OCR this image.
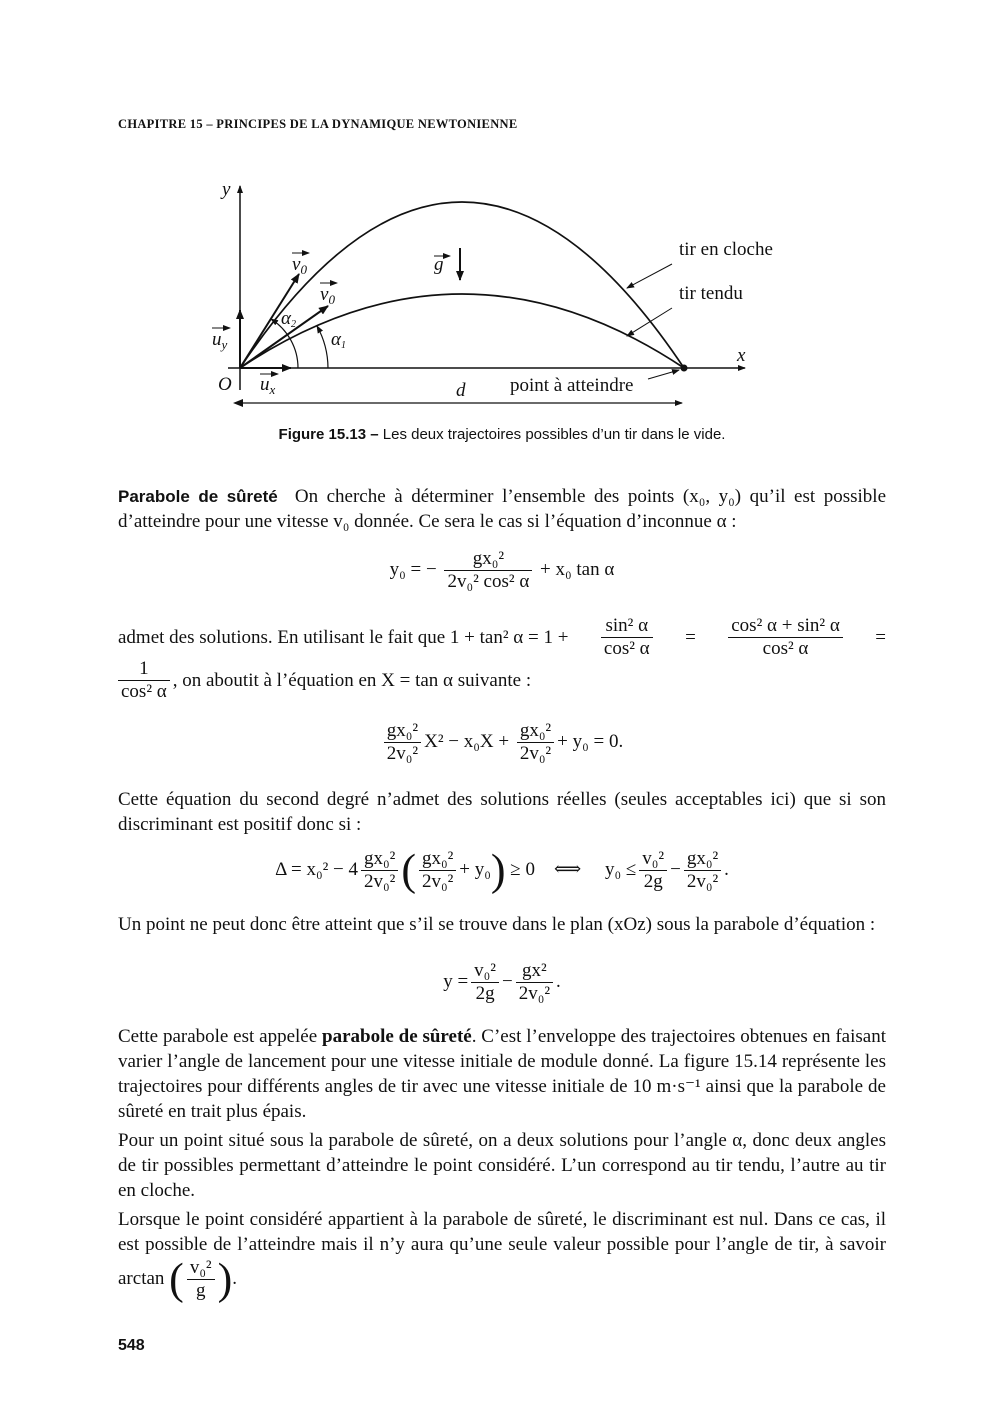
CHAPITRE 15 – PRINCIPES DE LA DYNAMIQUE NEWTONIENNE
y
x
O	d
$v_0$
$v_0$
g
$u_y$
$u_x$
α2
α1
tir en cloche
tir tendu
point à atteindre
Figure 15.13 – Les deux trajectoires possibles d’un tir dans le vide.
Parabole de sûreté On cherche à déterminer l’ensemble des points (x₀, y₀) qu’il est possible d’atteindre pour une vitesse v₀ donnée. Ce sera le cas si l’équation d’inconnue α :
y₀ = − $\frac{\text{gx₀²}}{\text{2v₀² cos² α}} + x_0$ tan α
admet des solutions. En utilisant le fait que 1 + tan² $\alpha = 1 + \frac{\text{sin² α}}{\text{cos² α}} = \frac{\text{cos² α + sin² α}}{\text{cos² α}}$ =
$\frac{1}{\text{cos² α}}$ , on aboutit à l’équation en X = tan α suivante :
$\frac{\text{gx₀²}}{\text{2v₀²}} X^2 - x_0X + \frac{\text{gx₀²}}{\text{2v₀²}} + y_0 = 0$.
Cette équation du second degré n’admet des solutions réelles (seules acceptables ici) que si son discriminant est positif donc si :
$\Delta = x_0^2 - 4 \frac{\text{gx₀²}}{\text{2v₀²}}$ ( $\frac{\text{gx₀²}}{\text{2v₀²}} + y_0) \ge 0$ ⟺ $y_0 \le \frac{\text{v₀²}}{2g} - \frac{\text{gx₀²}}{\text{2v₀²}}$ .
Un point ne peut donc être atteint que s’il se trouve dans le plan (xOz) sous la parabole d’équation :
$y = \frac{\text{v₀²}}{2g} - \frac{\text{gx²}}{\text{2v₀²}}$ .
Cette parabole est appelée parabole de sûreté. C’est l’enveloppe des trajectoires obtenues en faisant varier l’angle de lancement pour une vitesse initiale de module donné. La figure 15.14 représente les trajectoires pour différents angles de tir avec une vitesse initiale de 10 m·s⁻¹ ainsi que la parabole de sûreté en trait plus épais.
Pour un point situé sous la parabole de sûreté, on a deux solutions pour l’angle α, donc deux angles de tir possibles permettant d’atteindre le point considéré. L’un correspond au tir tendu, l’autre au tir en cloche.
Lorsque le point considéré appartient à la parabole de sûreté, le discriminant est nul. Dans ce cas, il est possible de l’atteindre mais il n’y aura qu’une seule valeur possible pour l’angle de tir, à savoir arctan ( $\frac{\text{v₀²}}{g}$ ).
548
